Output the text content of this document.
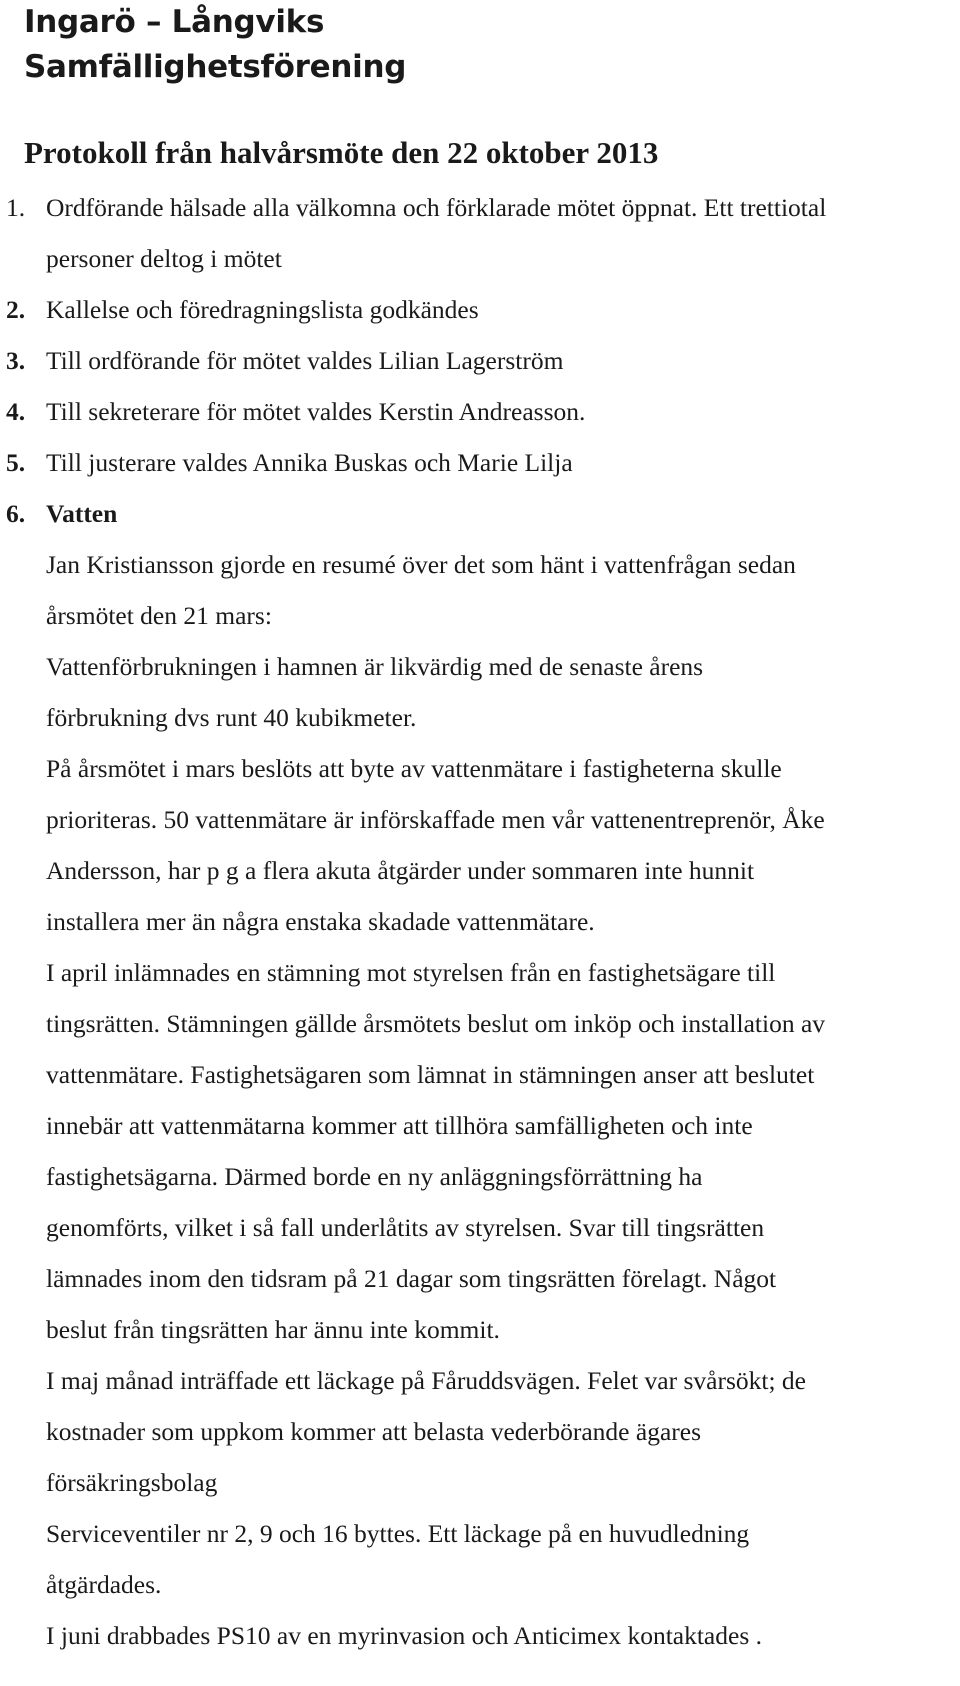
Ingarö – Långviks
Samfällighetsförening
Protokoll från halvårsmöte den 22 oktober 2013
1. Ordförande hälsade alla välkomna och förklarade mötet öppnat. Ett trettiotal
personer deltog i mötet
2. Kallelse och föredragningslista godkändes
3. Till ordförande för mötet valdes Lilian Lagerström
4. Till sekreterare för mötet valdes Kerstin Andreasson.
5. Till justerare valdes Annika Buskas och Marie Lilja
6. Vatten
Jan Kristiansson gjorde en resumé över det som hänt i vattenfrågan sedan
årsmötet den 21 mars:
Vattenförbrukningen i hamnen är likvärdig med de senaste årens
förbrukning dvs runt 40 kubikmeter.
På årsmötet i mars beslöts att byte av vattenmätare i fastigheterna skulle
prioriteras. 50 vattenmätare är införskaffade men vår vattenentreprenör, Åke
Andersson, har p g a flera akuta åtgärder under sommaren inte hunnit
installera mer än några enstaka skadade vattenmätare.
I april inlämnades en stämning mot styrelsen från en fastighetsägare till
tingsrätten. Stämningen gällde årsmötets beslut om inköp och installation av
vattenmätare. Fastighetsägaren som lämnat in stämningen anser att beslutet
innebär att vattenmätarna kommer att tillhöra samfälligheten och inte
fastighetsägarna. Därmed borde en ny anläggningsförrättning ha
genomförts, vilket i så fall underlåtits av styrelsen. Svar till tingsrätten
lämnades inom den tidsram på 21 dagar som tingsrätten förelagt. Något
beslut från tingsrätten har ännu inte kommit.
I maj månad inträffade ett läckage på Fåruddsvägen. Felet var svårsökt; de
kostnader som uppkom kommer att belasta vederbörande ägares
försäkringsbolag
Serviceventiler nr 2, 9 och 16 byttes. Ett läckage på en huvudledning
åtgärdades.
I juni drabbades PS10 av en myrinvasion och Anticimex kontaktades .
